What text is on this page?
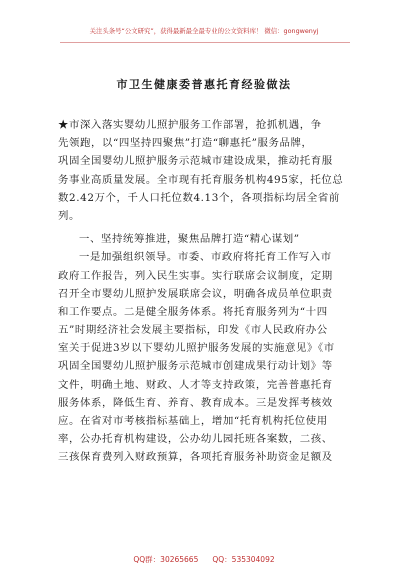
关注头条号“公文研究”，获得最新最全最专业的公文资料库！ 微信：gongwenyj
市卫生健康委普惠托育经验做法
★市深入落实婴幼儿照护服务工作部署，抢抓机遇，争
先领跑，以“四坚持四聚焦”打造“聊惠托”服务品牌，
巩固全国婴幼儿照护服务示范城市建设成果，推动托育服
务事业高质量发展。全市现有托育服务机构495家，托位总
数2.42万个，千人口托位数4.13个，各项指标均居全省前
列。
一、坚持统筹推进，聚焦品牌打造“精心谋划”
一是加强组织领导。市委、市政府将托育工作写入市
政府工作报告，列入民生实事。实行联席会议制度，定期
召开全市婴幼儿照护发展联席会议，明确各成员单位职责
和工作要点。二是健全服务体系。将托育服务列为“十四
五”时期经济社会发展主要指标，印发《市人民政府办公
室关于促进3岁以下婴幼儿照护服务发展的实施意见》《市
巩固全国婴幼儿照护服务示范城市创建成果行动计划》等
文件，明确土地、财政、人才等支持政策，完善普惠托育
服务体系，降低生育、养育、教育成本。三是发挥考核效
应。在省对市考核指标基础上，增加“托育机构托位使用
率，公办托育机构建设，公办幼儿园托班各案数，二孩、
三孩保育费列入财政预算，各项托育服务补助资金足额及
QQ群：30265665 QQ：535304092
